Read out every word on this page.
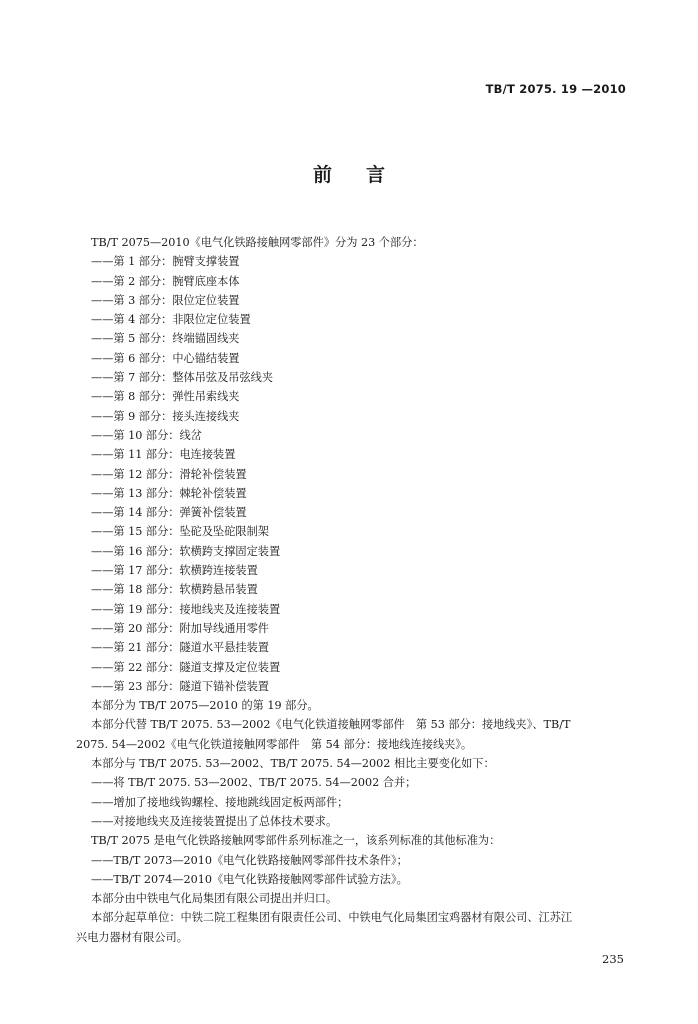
TB/T 2075. 19 —2010
前 言
TB/T 2075—2010《电气化铁路接触网零部件》分为 23 个部分：
——第 1 部分：腕臂支撑装置
——第 2 部分：腕臂底座本体
——第 3 部分：限位定位装置
——第 4 部分：非限位定位装置
——第 5 部分：终端锚固线夹
——第 6 部分：中心锚结装置
——第 7 部分：整体吊弦及吊弦线夹
——第 8 部分：弹性吊索线夹
——第 9 部分：接头连接线夹
——第 10 部分：线岔
——第 11 部分：电连接装置
——第 12 部分：滑轮补偿装置
——第 13 部分：棘轮补偿装置
——第 14 部分：弹簧补偿装置
——第 15 部分：坠砣及坠砣限制架
——第 16 部分：软横跨支撑固定装置
——第 17 部分：软横跨连接装置
——第 18 部分：软横跨悬吊装置
——第 19 部分：接地线夹及连接装置
——第 20 部分：附加导线通用零件
——第 21 部分：隧道水平悬挂装置
——第 22 部分：隧道支撑及定位装置
——第 23 部分：隧道下锚补偿装置
本部分为 TB/T 2075—2010 的第 19 部分。
本部分代替 TB/T 2075. 53—2002《电气化铁道接触网零部件　第 53 部分：接地线夹》、TB/T
2075. 54—2002《电气化铁道接触网零部件　第 54 部分：接地线连接线夹》。
本部分与 TB/T 2075. 53—2002、TB/T 2075. 54—2002 相比主要变化如下：
——将 TB/T 2075. 53—2002、TB/T 2075. 54—2002 合并；
——增加了接地线钩螺栓、接地跳线固定板两部件；
——对接地线夹及连接装置提出了总体技术要求。
TB/T 2075 是电气化铁路接触网零部件系列标准之一，该系列标准的其他标准为：
——TB/T 2073—2010《电气化铁路接触网零部件技术条件》；
——TB/T 2074—2010《电气化铁路接触网零部件试验方法》。
本部分由中铁电气化局集团有限公司提出并归口。
本部分起草单位：中铁二院工程集团有限责任公司、中铁电气化局集团宝鸡器材有限公司、江苏江
兴电力器材有限公司。
235
